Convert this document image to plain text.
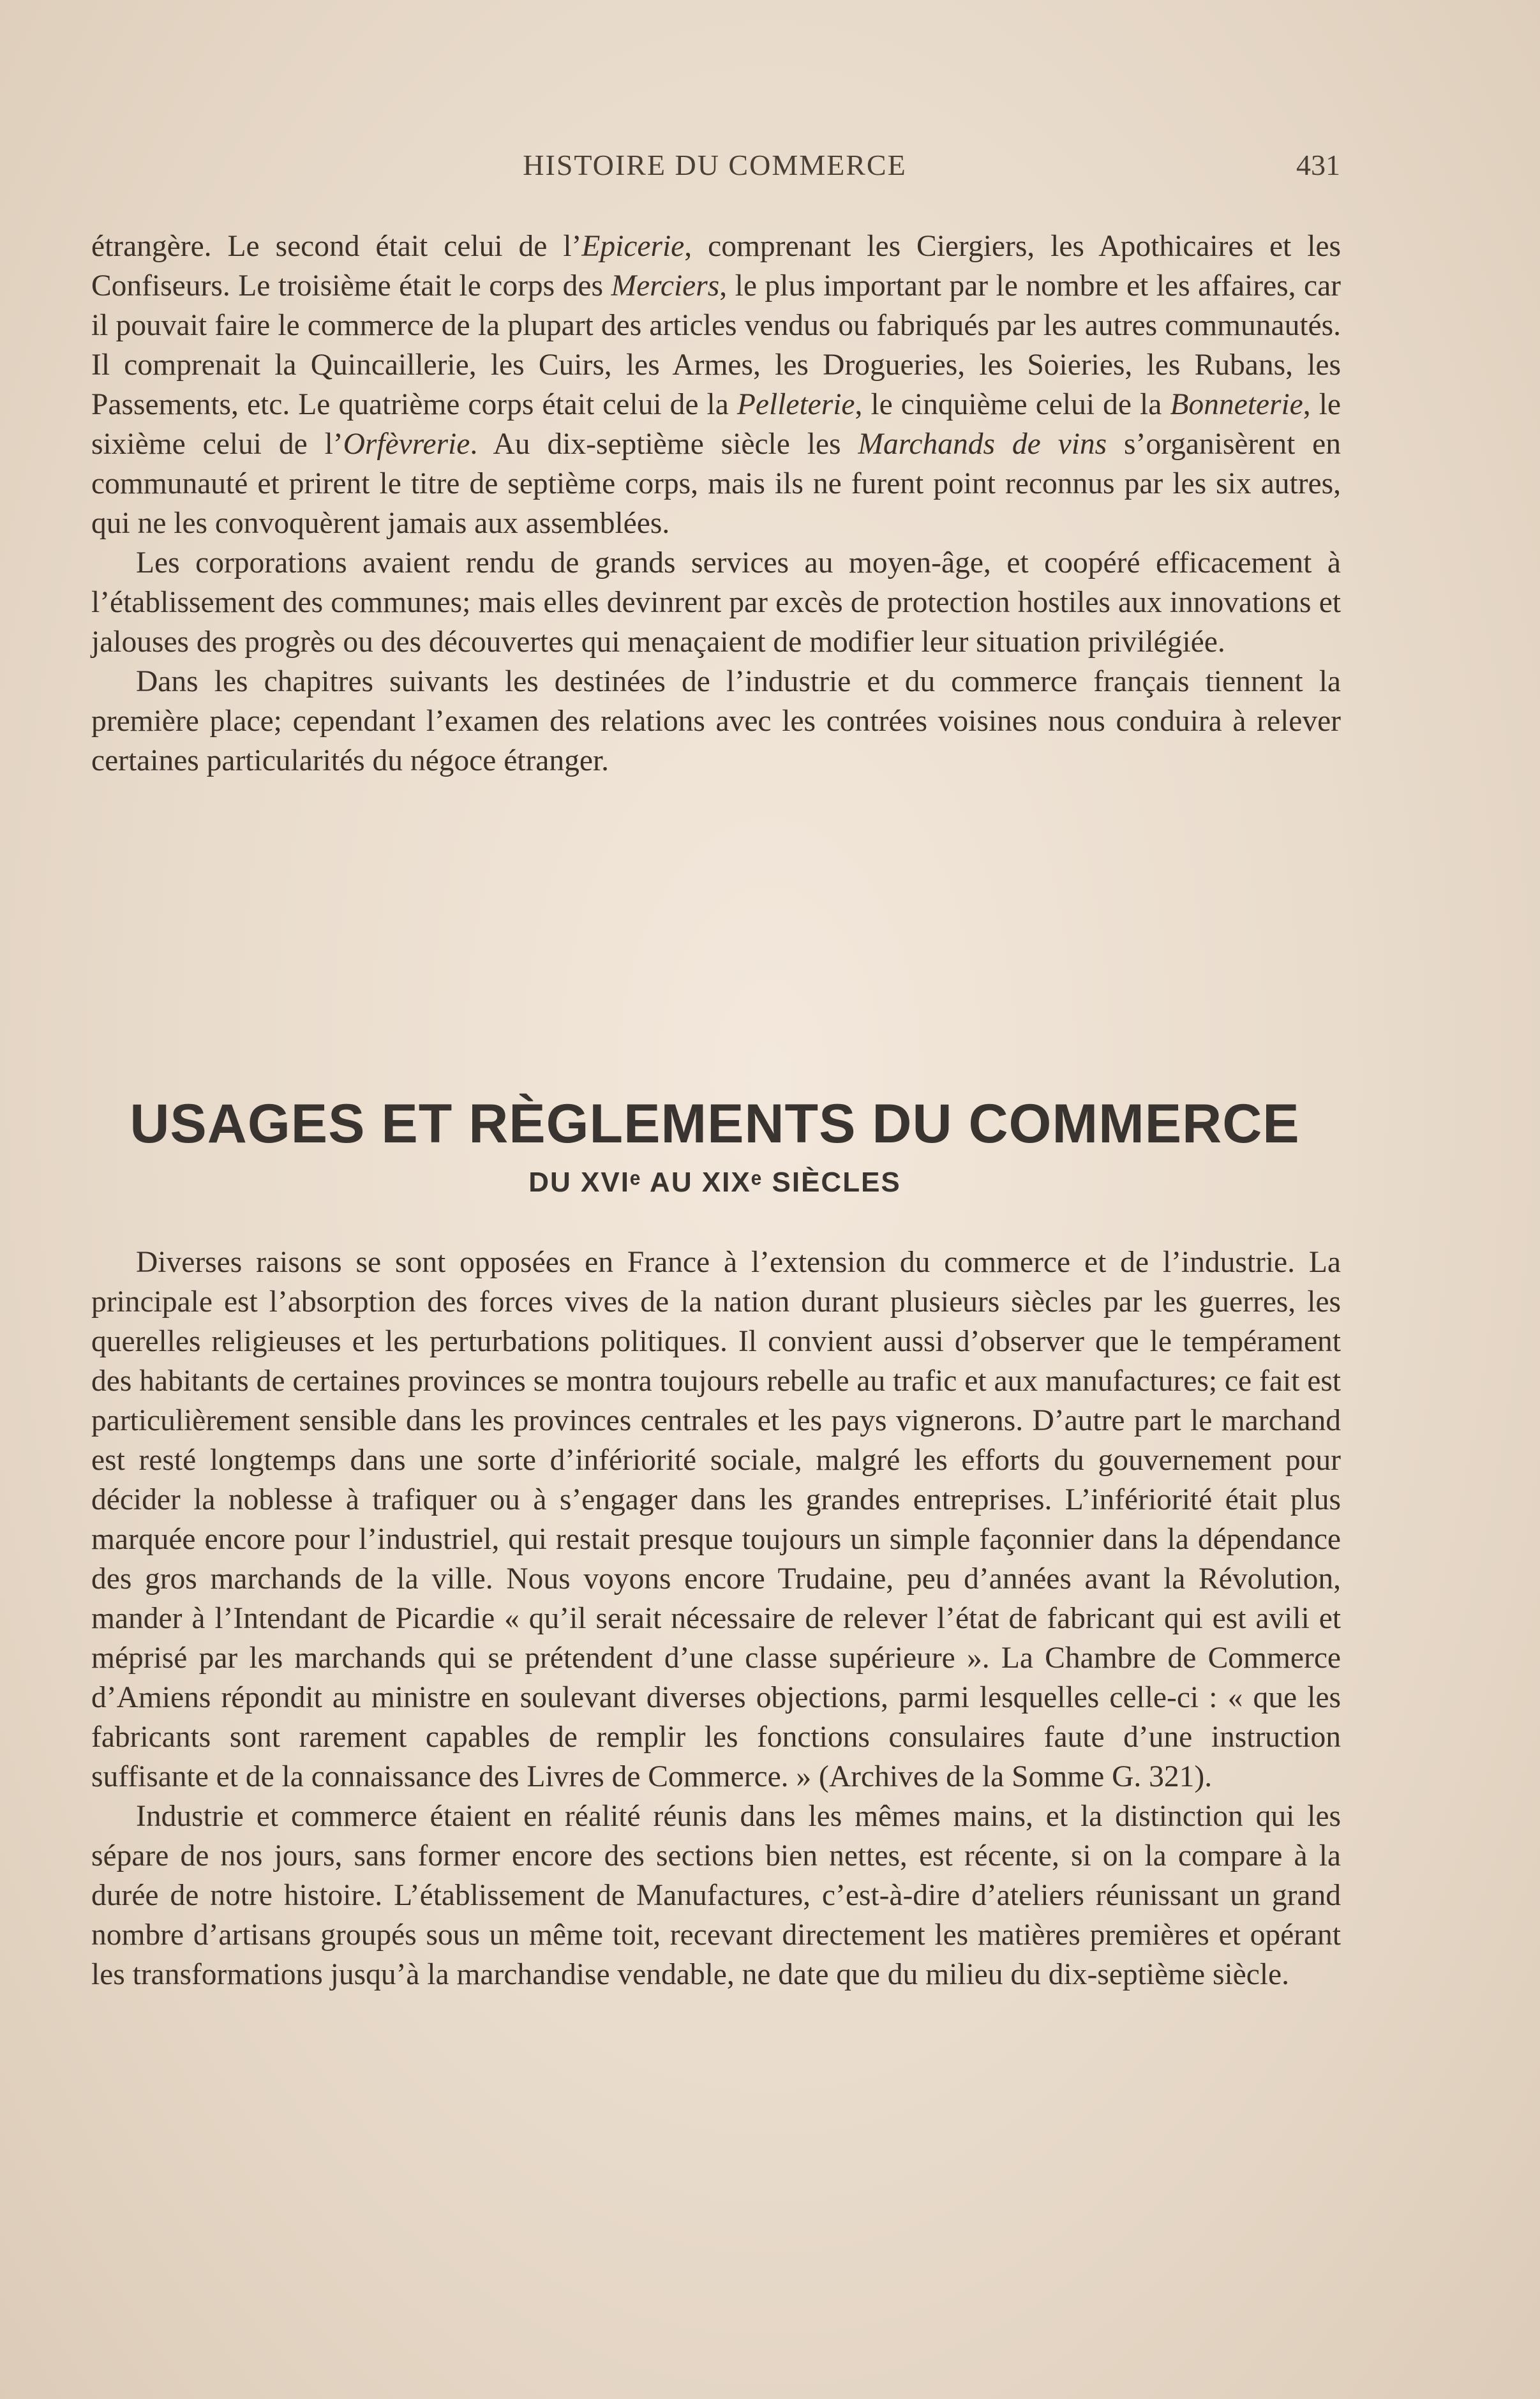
HISTOIRE DU COMMERCE	431

étrangère. Le second était celui de l’Epicerie, comprenant les Ciergiers, les Apothicaires et les Confiseurs. Le troisième était le corps des Merciers, le plus important par le nombre et les affaires, car il pouvait faire le commerce de la plupart des articles vendus ou fabriqués par les autres communautés. Il comprenait la Quincaillerie, les Cuirs, les Armes, les Drogueries, les Soieries, les Rubans, les Passements, etc. Le quatrième corps était celui de la Pelleterie, le cinquième celui de la Bonneterie, le sixième celui de l’Orfèvrerie. Au dix-septième siècle les Marchands de vins s’organisèrent en communauté et prirent le titre de septième corps, mais ils ne furent point reconnus par les six autres, qui ne les convoquèrent jamais aux assemblées.

Les corporations avaient rendu de grands services au moyen-âge, et coopéré efficacement à l’établissement des communes; mais elles devinrent par excès de protection hostiles aux innovations et jalouses des progrès ou des découvertes qui menaçaient de modifier leur situation privilégiée.

Dans les chapitres suivants les destinées de l’industrie et du commerce français tiennent la première place; cependant l’examen des relations avec les contrées voisines nous conduira à relever certaines particularités du négoce étranger.

USAGES ET RÈGLEMENTS DU COMMERCE
DU XVIᵉ AU XIXᵉ SIÈCLES

Diverses raisons se sont opposées en France à l’extension du commerce et de l’industrie. La principale est l’absorption des forces vives de la nation durant plusieurs siècles par les guerres, les querelles religieuses et les perturbations politiques. Il convient aussi d’observer que le tempérament des habitants de certaines provinces se montra toujours rebelle au trafic et aux manufactures; ce fait est particulièrement sensible dans les provinces centrales et les pays vignerons. D’autre part le marchand est resté longtemps dans une sorte d’infériorité sociale, malgré les efforts du gouvernement pour décider la noblesse à trafiquer ou à s’engager dans les grandes entreprises. L’infériorité était plus marquée encore pour l’industriel, qui restait presque toujours un simple façonnier dans la dépendance des gros marchands de la ville. Nous voyons encore Trudaine, peu d’années avant la Révolution, mander à l’Intendant de Picardie « qu’il serait nécessaire de relever l’état de fabricant qui est avili et méprisé par les marchands qui se prétendent d’une classe supérieure ». La Chambre de Commerce d’Amiens répondit au ministre en soulevant diverses objections, parmi lesquelles celle-ci : « que les fabricants sont rarement capables de remplir les fonctions consulaires faute d’une instruction suffisante et de la connaissance des Livres de Commerce. » (Archives de la Somme G. 321).

Industrie et commerce étaient en réalité réunis dans les mêmes mains, et la distinction qui les sépare de nos jours, sans former encore des sections bien nettes, est récente, si on la compare à la durée de notre histoire. L’établissement de Manufactures, c’est-à-dire d’ateliers réunissant un grand nombre d’artisans groupés sous un même toit, recevant directement les matières premières et opérant les transformations jusqu’à la marchandise vendable, ne date que du milieu du dix-septième siècle.
